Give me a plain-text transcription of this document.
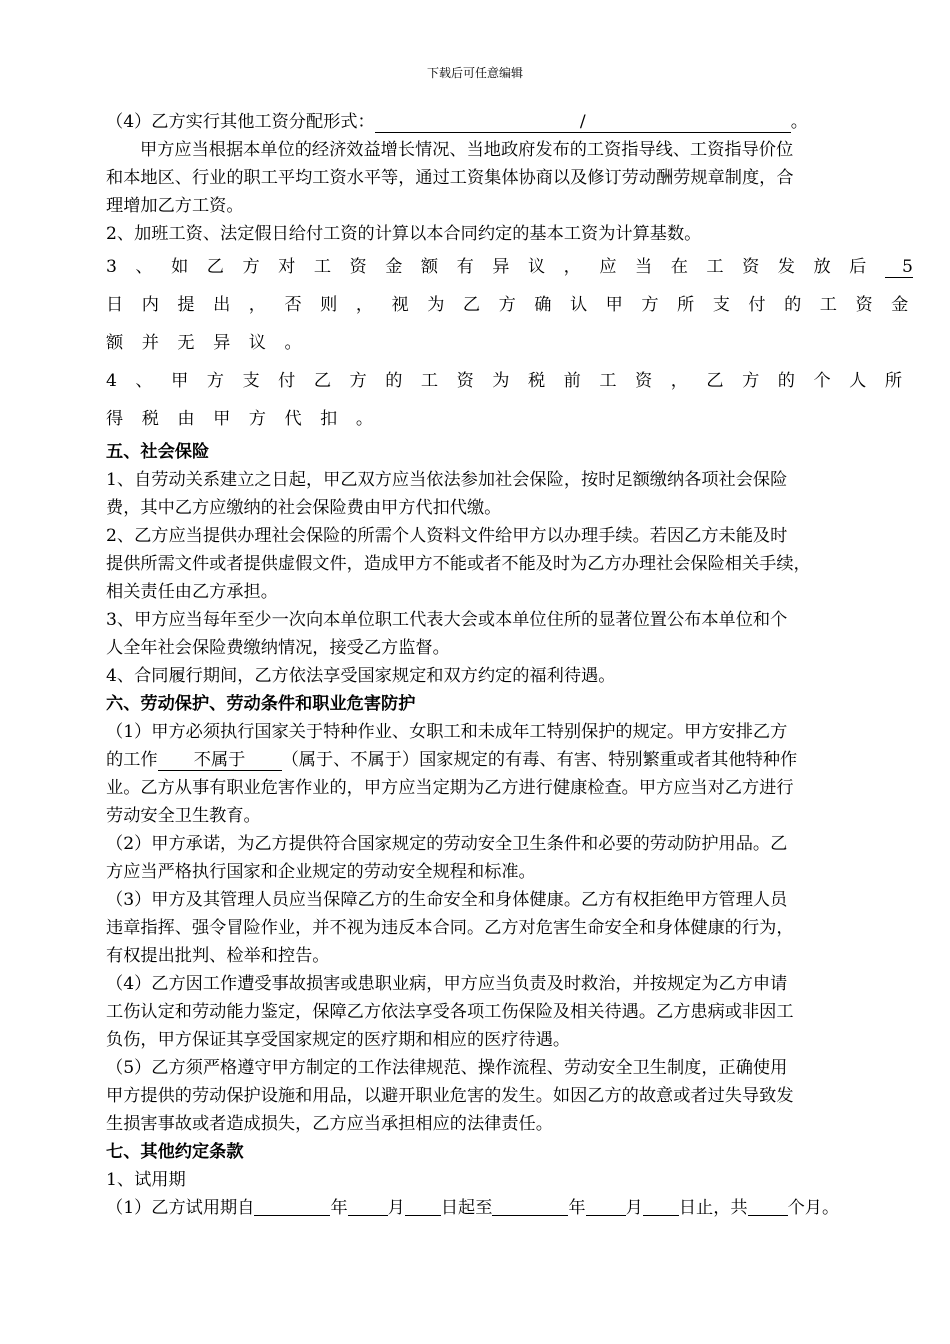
下载后可任意编辑
（4）乙方实行其他工资分配形式：	/	。
甲方应当根据本单位的经济效益增长情况、当地政府发布的工资指导线、工资指导价位
和本地区、行业的职工平均工资水平等，通过工资集体协商以及修订劳动酬劳规章制度，合
理增加乙方工资。
2、加班工资、法定假日给付工资的计算以本合同约定的基本工资为计算基数。
3、如乙方对工资金额有异议，应当在工资发放后 5
日内提出，否则，视为乙方确认甲方所支付的工资金
额并无异议。
4、甲方支付乙方的工资为税前工资，乙方的个人所
得税由甲方代扣。
五、社会保险
1、自劳动关系建立之日起，甲乙双方应当依法参加社会保险，按时足额缴纳各项社会保险
费，其中乙方应缴纳的社会保险费由甲方代扣代缴。
2、乙方应当提供办理社会保险的所需个人资料文件给甲方以办理手续。若因乙方未能及时
提供所需文件或者提供虚假文件，造成甲方不能或者不能及时为乙方办理社会保险相关手续，
相关责任由乙方承担。
3、甲方应当每年至少一次向本单位职工代表大会或本单位住所的显著位置公布本单位和个
人全年社会保险费缴纳情况，接受乙方监督。
4、合同履行期间，乙方依法享受国家规定和双方约定的福利待遇。
六、劳动保护、劳动条件和职业危害防护
（1）甲方必须执行国家关于特种作业、女职工和未成年工特别保护的规定。甲方安排乙方
的工作 不属于 （属于、不属于）国家规定的有毒、有害、特别繁重或者其他特种作
业。乙方从事有职业危害作业的，甲方应当定期为乙方进行健康检查。甲方应当对乙方进行
劳动安全卫生教育。
（2）甲方承诺，为乙方提供符合国家规定的劳动安全卫生条件和必要的劳动防护用品。乙
方应当严格执行国家和企业规定的劳动安全规程和标准。
（3）甲方及其管理人员应当保障乙方的生命安全和身体健康。乙方有权拒绝甲方管理人员
违章指挥、强令冒险作业，并不视为违反本合同。乙方对危害生命安全和身体健康的行为，
有权提出批判、检举和控告。
（4）乙方因工作遭受事故损害或患职业病，甲方应当负责及时救治，并按规定为乙方申请
工伤认定和劳动能力鉴定，保障乙方依法享受各项工伤保险及相关待遇。乙方患病或非因工
负伤，甲方保证其享受国家规定的医疗期和相应的医疗待遇。
（5）乙方须严格遵守甲方制定的工作法律规范、操作流程、劳动安全卫生制度，正确使用
甲方提供的劳动保护设施和用品，以避开职业危害的发生。如因乙方的故意或者过失导致发
生损害事故或者造成损失，乙方应当承担相应的法律责任。
七、其他约定条款
1、试用期
（1）乙方试用期自	年 月 日起至	年 月 日止，共 个月。
